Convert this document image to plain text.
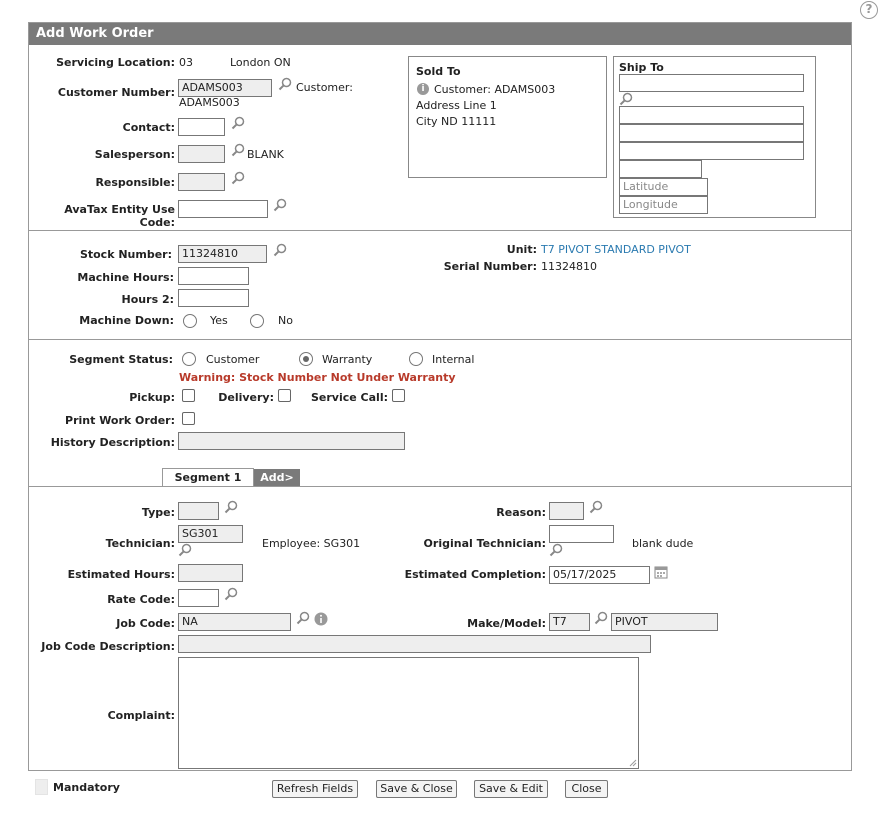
?
Add Work Order
Servicing Location: 03	London ON
Customer Number: ADAMS003	Customer:
ADAMS003
Contact:
Salesperson:	BLANK
Responsible:
AvaTax Entity Use Code:
Sold To
i Customer: ADAMS003
Address Line 1
City ND 11111
Ship To
Latitude
Longitude
Stock Number: 11324810
Machine Hours:
Hours 2:
Machine Down:	Yes	No
Unit: T7 PIVOT STANDARD PIVOT
Serial Number: 11324810
Segment Status:	Customer	Warranty	Internal
Warning: Stock Number Not Under Warranty
Pickup:	Delivery:	Service Call:
Print Work Order:
History Description:
Segment 1	Add>
Type:	Reason:
Technician:
SG301
Employee: SG301	Original Technician:	blank dude
Estimated Hours:	Estimated Completion: 05/17/2025
Rate Code:
Job Code: NA	Make/Model: T7	PIVOT
Job Code Description:
Complaint:
Mandatory	Refresh Fields	Save & Close	Save & Edit	Close
